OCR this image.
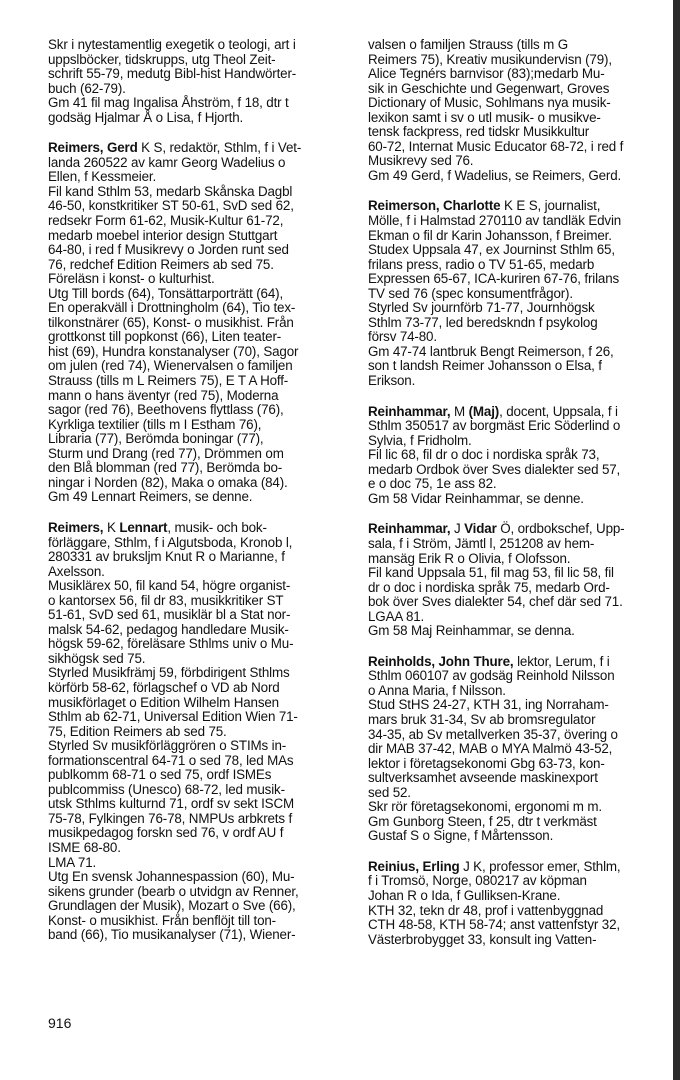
Skr i nytestamentlig exegetik o teologi, art i
uppslböcker, tidskrupps, utg Theol Zeit-
schrift 55-79, medutg Bibl-hist Handwörter-
buch (62-79).
Gm 41 fil mag Ingalisa Åhström, f 18, dtr t
godsäg Hjalmar Å o Lisa, f Hjorth.
Reimers, Gerd K S, redaktör, Sthlm, f i Vet-
landa 260522 av kamr Georg Wadelius o
Ellen, f Kessmeier.
Fil kand Sthlm 53, medarb Skånska Dagbl
46-50, konstkritiker ST 50-61, SvD sed 62,
redsekr Form 61-62, Musik-Kultur 61-72,
medarb moebel interior design Stuttgart
64-80, i red f Musikrevy o Jorden runt sed
76, redchef Edition Reimers ab sed 75.
Föreläsn i konst- o kulturhist.
Utg Till bords (64), Tonsättarporträtt (64),
En operakväll i Drottningholm (64), Tio tex-
tilkonstnärer (65), Konst- o musikhist. Från
grottkonst till popkonst (66), Liten teater-
hist (69), Hundra konstanalyser (70), Sagor
om julen (red 74), Wienervalsen o familjen
Strauss (tills m L Reimers 75), E T A Hoff-
mann o hans äventyr (red 75), Moderna
sagor (red 76), Beethovens flyttlass (76),
Kyrkliga textilier (tills m I Estham 76),
Libraria (77), Berömda boningar (77),
Sturm und Drang (red 77), Drömmen om
den Blå blomman (red 77), Berömda bo-
ningar i Norden (82), Maka o omaka (84).
Gm 49 Lennart Reimers, se denne.
Reimers, K Lennart, musik- och bok-
förläggare, Sthlm, f i Algutsboda, Kronob l,
280331 av bruksljm Knut R o Marianne, f
Axelsson.
Musiklärex 50, fil kand 54, högre organist-
o kantorsex 56, fil dr 83, musikkritiker ST
51-61, SvD sed 61, musiklär bl a Stat nor-
malsk 54-62, pedagog handledare Musik-
högsk 59-62, föreläsare Sthlms univ o Mu-
sikhögsk sed 75.
Styrled Musikfrämj 59, förbdirigent Sthlms
körförb 58-62, förlagschef o VD ab Nord
musikförlaget o Edition Wilhelm Hansen
Sthlm ab 62-71, Universal Edition Wien 71-
75, Edition Reimers ab sed 75.
Styrled Sv musikförläggrören o STIMs in-
formationscentral 64-71 o sed 78, led MAs
publkomm 68-71 o sed 75, ordf ISMEs
publcommiss (Unesco) 68-72, led musik-
utsk Sthlms kulturnd 71, ordf sv sekt ISCM
75-78, Fylkingen 76-78, NMPUs arbkrets f
musikpedagog forskn sed 76, v ordf AU f
ISME 68-80.
LMA 71.
Utg En svensk Johannespassion (60), Mu-
sikens grunder (bearb o utvidgn av Renner,
Grundlagen der Musik), Mozart o Sve (66),
Konst- o musikhist. Från benflöjt till ton-
band (66), Tio musikanalyser (71), Wiener-
valsen o familjen Strauss (tills m G
Reimers 75), Kreativ musikundervisn (79),
Alice Tegnérs barnvisor (83);medarb Mu-
sik in Geschichte und Gegenwart, Groves
Dictionary of Music, Sohlmans nya musik-
lexikon samt i sv o utl musik- o musikve-
tensk fackpress, red tidskr Musikkultur
60-72, Internat Music Educator 68-72, i red f
Musikrevy sed 76.
Gm 49 Gerd, f Wadelius, se Reimers, Gerd.
Reimerson, Charlotte K E S, journalist,
Mölle, f i Halmstad 270110 av tandläk Edvin
Ekman o fil dr Karin Johansson, f Breimer.
Studex Uppsala 47, ex Journinst Sthlm 65,
frilans press, radio o TV 51-65, medarb
Expressen 65-67, ICA-kuriren 67-76, frilans
TV sed 76 (spec konsumentfrågor).
Styrled Sv journförb 71-77, Journhögsk
Sthlm 73-77, led beredskndn f psykolog
försv 74-80.
Gm 47-74 lantbruk Bengt Reimerson, f 26,
son t landsh Reimer Johansson o Elsa, f
Erikson.
Reinhammar, M (Maj), docent, Uppsala, f i
Sthlm 350517 av borgmäst Eric Söderlind o
Sylvia, f Fridholm.
Fil lic 68, fil dr o doc i nordiska språk 73,
medarb Ordbok över Sves dialekter sed 57,
e o doc 75, 1e ass 82.
Gm 58 Vidar Reinhammar, se denne.
Reinhammar, J Vidar Ö, ordbokschef, Upp-
sala, f i Ström, Jämtl l, 251208 av hem-
mansäg Erik R o Olivia, f Olofsson.
Fil kand Uppsala 51, fil mag 53, fil lic 58, fil
dr o doc i nordiska språk 75, medarb Ord-
bok över Sves dialekter 54, chef där sed 71.
LGAA 81.
Gm 58 Maj Reinhammar, se denna.
Reinholds, John Thure, lektor, Lerum, f i
Sthlm 060107 av godsäg Reinhold Nilsson
o Anna Maria, f Nilsson.
Stud StHS 24-27, KTH 31, ing Norraham-
mars bruk 31-34, Sv ab bromsregulator
34-35, ab Sv metallverken 35-37, övering o
dir MAB 37-42, MAB o MYA Malmö 43-52,
lektor i företagsekonomi Gbg 63-73, kon-
sultverksamhet avseende maskinexport
sed 52.
Skr rör företagsekonomi, ergonomi m m.
Gm Gunborg Steen, f 25, dtr t verkmäst
Gustaf S o Signe, f Mårtensson.
Reinius, Erling J K, professor emer, Sthlm,
f i Tromsö, Norge, 080217 av köpman
Johan R o Ida, f Gulliksen-Krane.
KTH 32, tekn dr 48, prof i vattenbyggnad
CTH 48-58, KTH 58-74; anst vattenfstyr 32,
Västerbrobygget 33, konsult ing Vatten-
916
